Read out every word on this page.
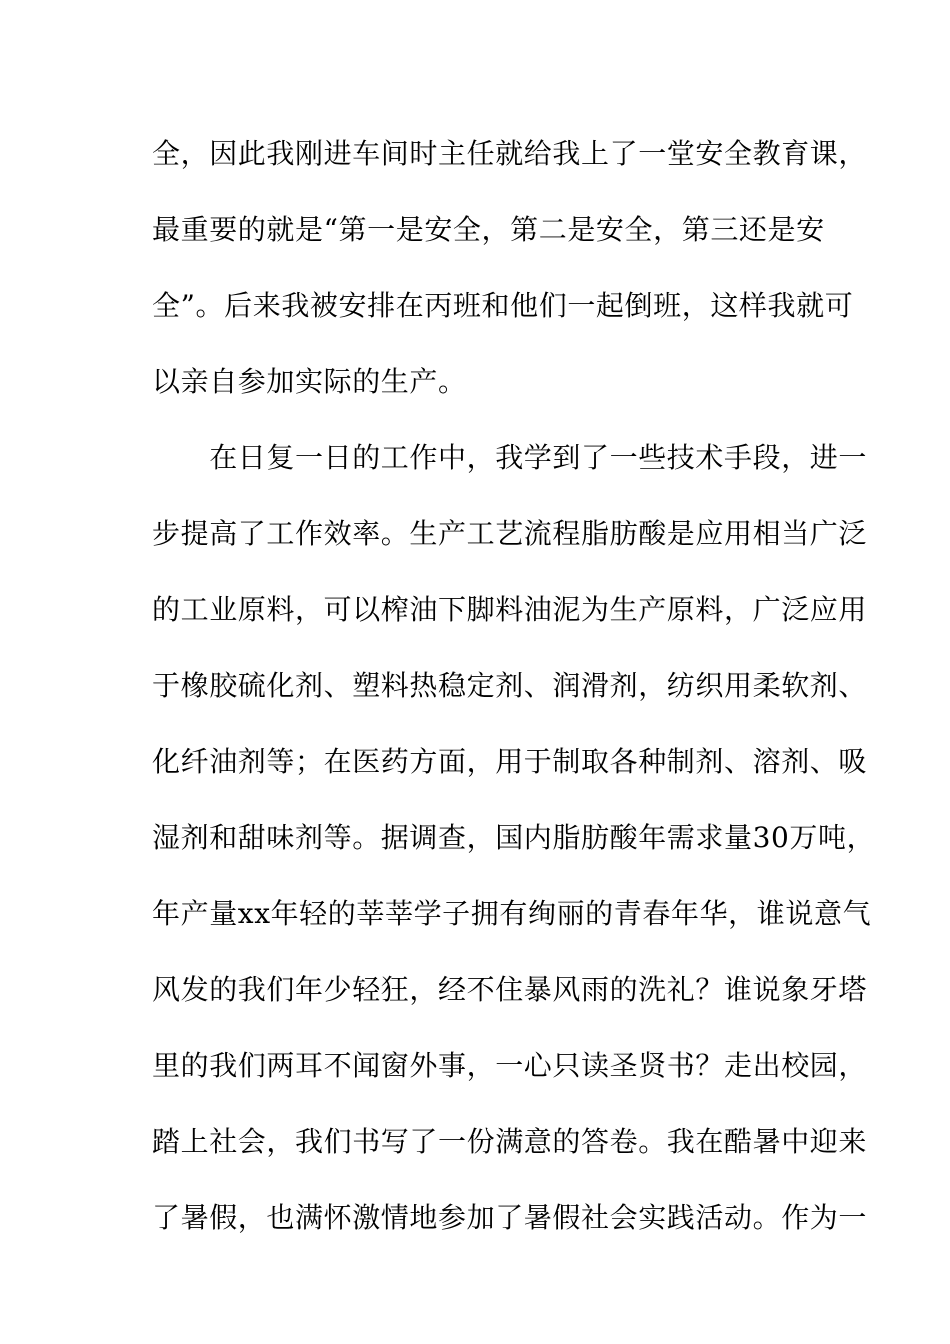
全，因此我刚进车间时主任就给我上了一堂安全教育课，
最重要的就是“第一是安全，第二是安全，第三还是安
全”。后来我被安排在丙班和他们一起倒班，这样我就可
以亲自参加实际的生产。
　　在日复一日的工作中，我学到了一些技术手段，进一
步提高了工作效率。生产工艺流程脂肪酸是应用相当广泛
的工业原料，可以榨油下脚料油泥为生产原料，广泛应用
于橡胶硫化剂、塑料热稳定剂、润滑剂，纺织用柔软剂、
化纤油剂等；在医药方面，用于制取各种制剂、溶剂、吸
湿剂和甜味剂等。据调查，国内脂肪酸年需求量30万吨，
年产量xx年轻的莘莘学子拥有绚丽的青春年华，谁说意气
风发的我们年少轻狂，经不住暴风雨的洗礼？谁说象牙塔
里的我们两耳不闻窗外事，一心只读圣贤书？走出校园，
踏上社会，我们书写了一份满意的答卷。我在酷暑中迎来
了暑假，也满怀激情地参加了暑假社会实践活动。作为一
